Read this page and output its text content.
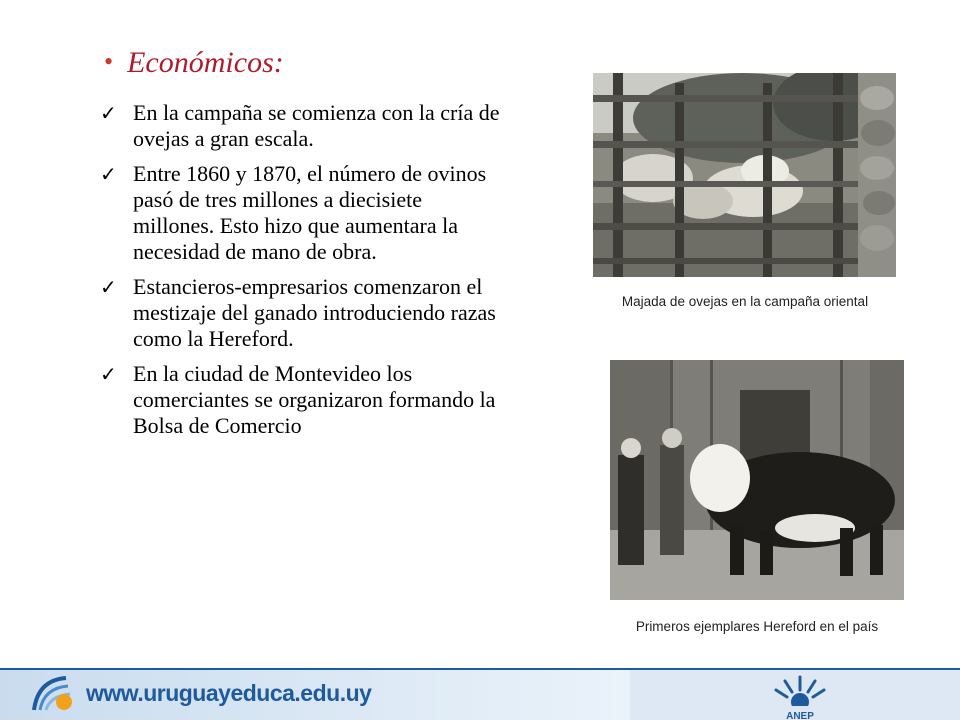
• Económicos:
✓ En la campaña se comienza con la cría de ovejas a gran escala.
✓ Entre 1860 y 1870, el número de ovinos pasó de tres millones a diecisiete millones. Esto hizo que aumentara la necesidad de mano de obra.
✓ Estancieros-empresarios comenzaron el mestizaje del ganado introduciendo razas como la Hereford.
✓ En la ciudad de Montevideo los comerciantes se organizaron formando la Bolsa de Comercio
Majada de ovejas en la campaña oriental
Primeros ejemplares Hereford en el país
www.uruguayeduca.edu.uy
ANEP
